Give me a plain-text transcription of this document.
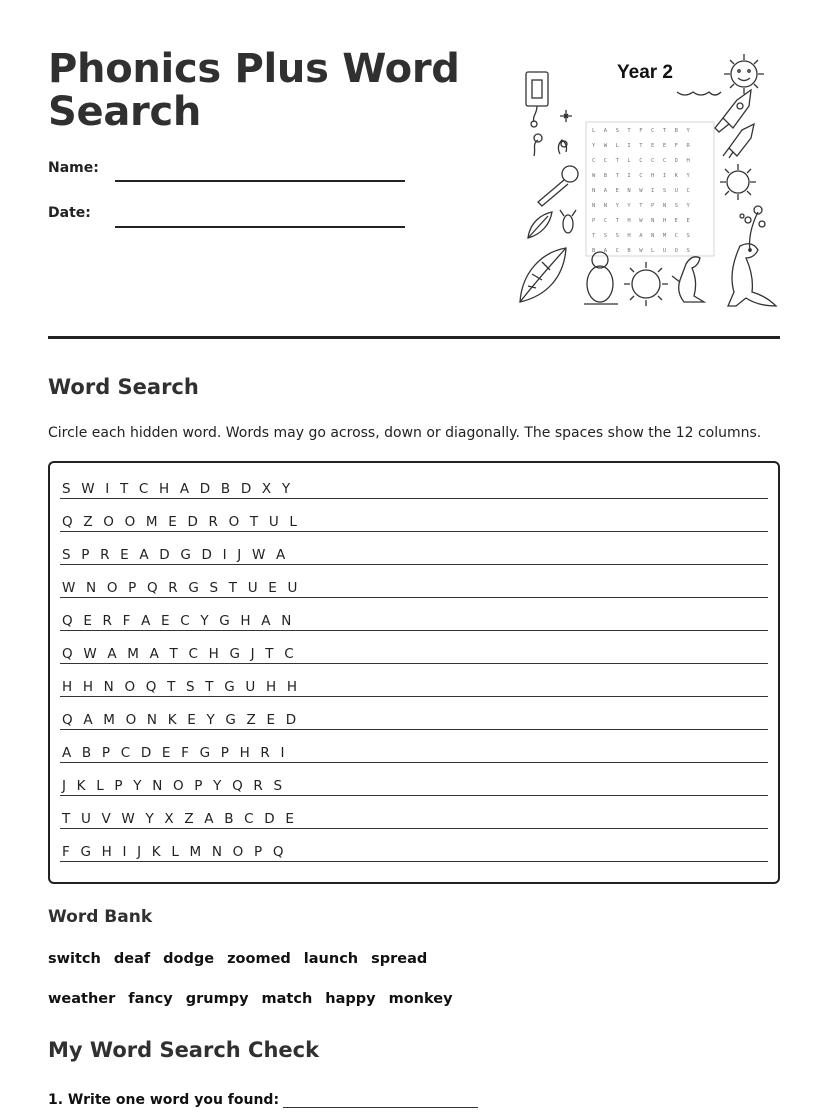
Phonics Plus Word Search
Name:
Date:
Year 2
LASTFCTBY
YWLITEEFR
CCTLCCCDH
WBTICHIKY
NAENWISUC
NNYYTPNSY
PCTHWNHEE
TSSHANMCS
BACBWLUOS
Word Search

Circle each hidden word. Words may go across, down or diagonally. The spaces show the 12 columns.

S W I T C H A D B D X Y
Q Z O O M E D R O T U L
S P R E A D G D I J W A
W N O P Q R G S T U E U
Q E R F A E C Y G H A N
Q W A M A T C H G J T C
H H N O Q T S T G U H H
Q A M O N K E Y G Z E D
A B P C D E F G P H R I
J K L P Y N O P Y Q R S
T U V W Y X Z A B C D E
F G H I J K L M N O P Q
Word Bank
switch deaf dodge zoomed launch spread
weather fancy grumpy match happy monkey
My Word Search Check
1. Write one word you found:
